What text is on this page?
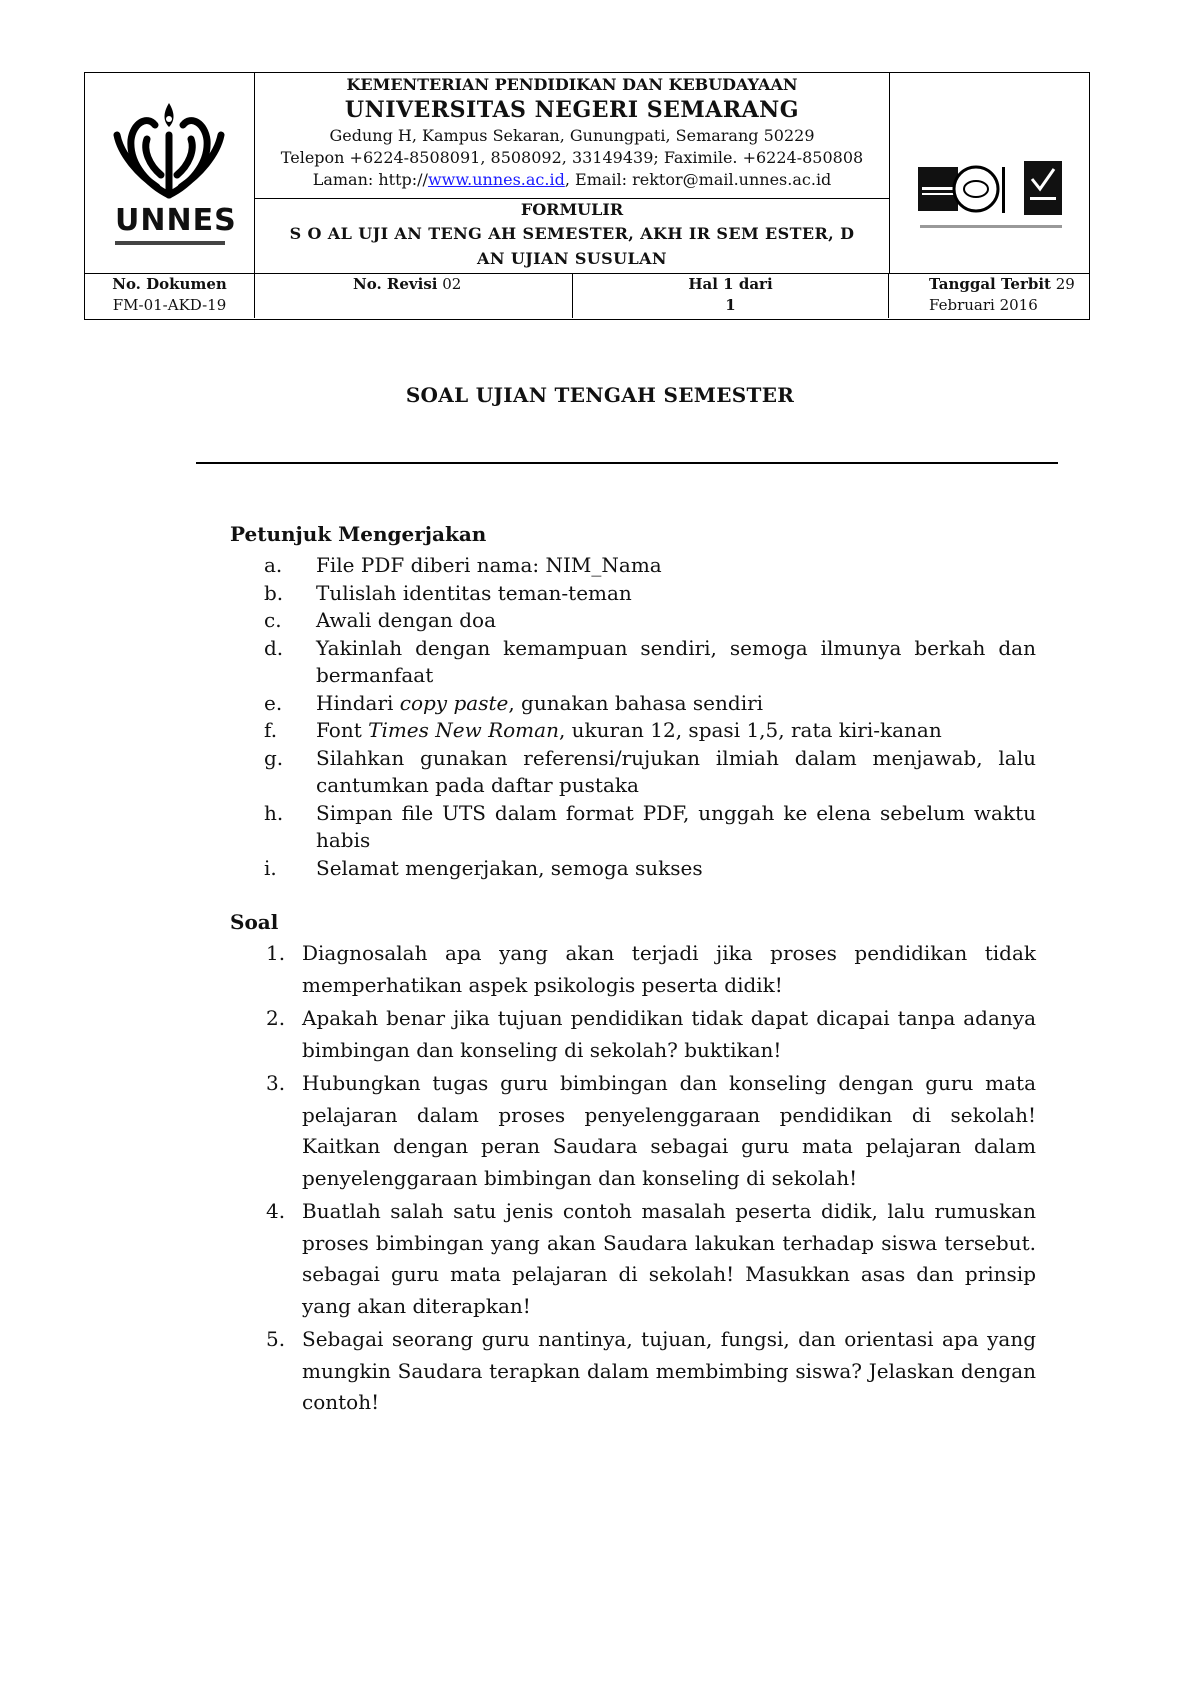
UNNES
KEMENTERIAN PENDIDIKAN DAN KEBUDAYAAN
UNIVERSITAS NEGERI SEMARANG
Gedung H, Kampus Sekaran, Gunungpati, Semarang 50229
Telepon +6224-8508091, 8508092, 33149439; Faximile. +6224-850808
Laman: http://www.unnes.ac.id, Email: rektor@mail.unnes.ac.id
FORMULIR
S O AL UJI AN TENG AH SEMESTER, AKH IR SEM ESTER, D
AN UJIAN SUSULAN
No. Dokumen
FM-01-AKD-19
No. Revisi 02	Hal 1 dari
1
Tanggal Terbit 29
Februari 2016
SOAL UJIAN TENGAH SEMESTER
Petunjuk Mengerjakan
a. File PDF diberi nama: NIM_Nama
b. Tulislah identitas teman-teman
c. Awali dengan doa
d. Yakinlah dengan kemampuan sendiri, semoga ilmunya berkah dan bermanfaat
e. Hindari copy paste, gunakan bahasa sendiri
f. Font Times New Roman, ukuran 12, spasi 1,5, rata kiri-kanan
g. Silahkan gunakan referensi/rujukan ilmiah dalam menjawab, lalu cantumkan pada daftar pustaka
h. Simpan file UTS dalam format PDF, unggah ke elena sebelum waktu habis
i. Selamat mengerjakan, semoga sukses
Soal
1. Diagnosalah apa yang akan terjadi jika proses pendidikan tidak memperhatikan aspek psikologis peserta didik!
2. Apakah benar jika tujuan pendidikan tidak dapat dicapai tanpa adanya bimbingan dan konseling di sekolah? buktikan!
3. Hubungkan tugas guru bimbingan dan konseling dengan guru mata pelajaran dalam proses penyelenggaraan pendidikan di sekolah! Kaitkan dengan peran Saudara sebagai guru mata pelajaran dalam penyelenggaraan bimbingan dan konseling di sekolah!
4. Buatlah salah satu jenis contoh masalah peserta didik, lalu rumuskan proses bimbingan yang akan Saudara lakukan terhadap siswa tersebut. sebagai guru mata pelajaran di sekolah! Masukkan asas dan prinsip yang akan diterapkan!
5. Sebagai seorang guru nantinya, tujuan, fungsi, dan orientasi apa yang mungkin Saudara terapkan dalam membimbing siswa? Jelaskan dengan contoh!
